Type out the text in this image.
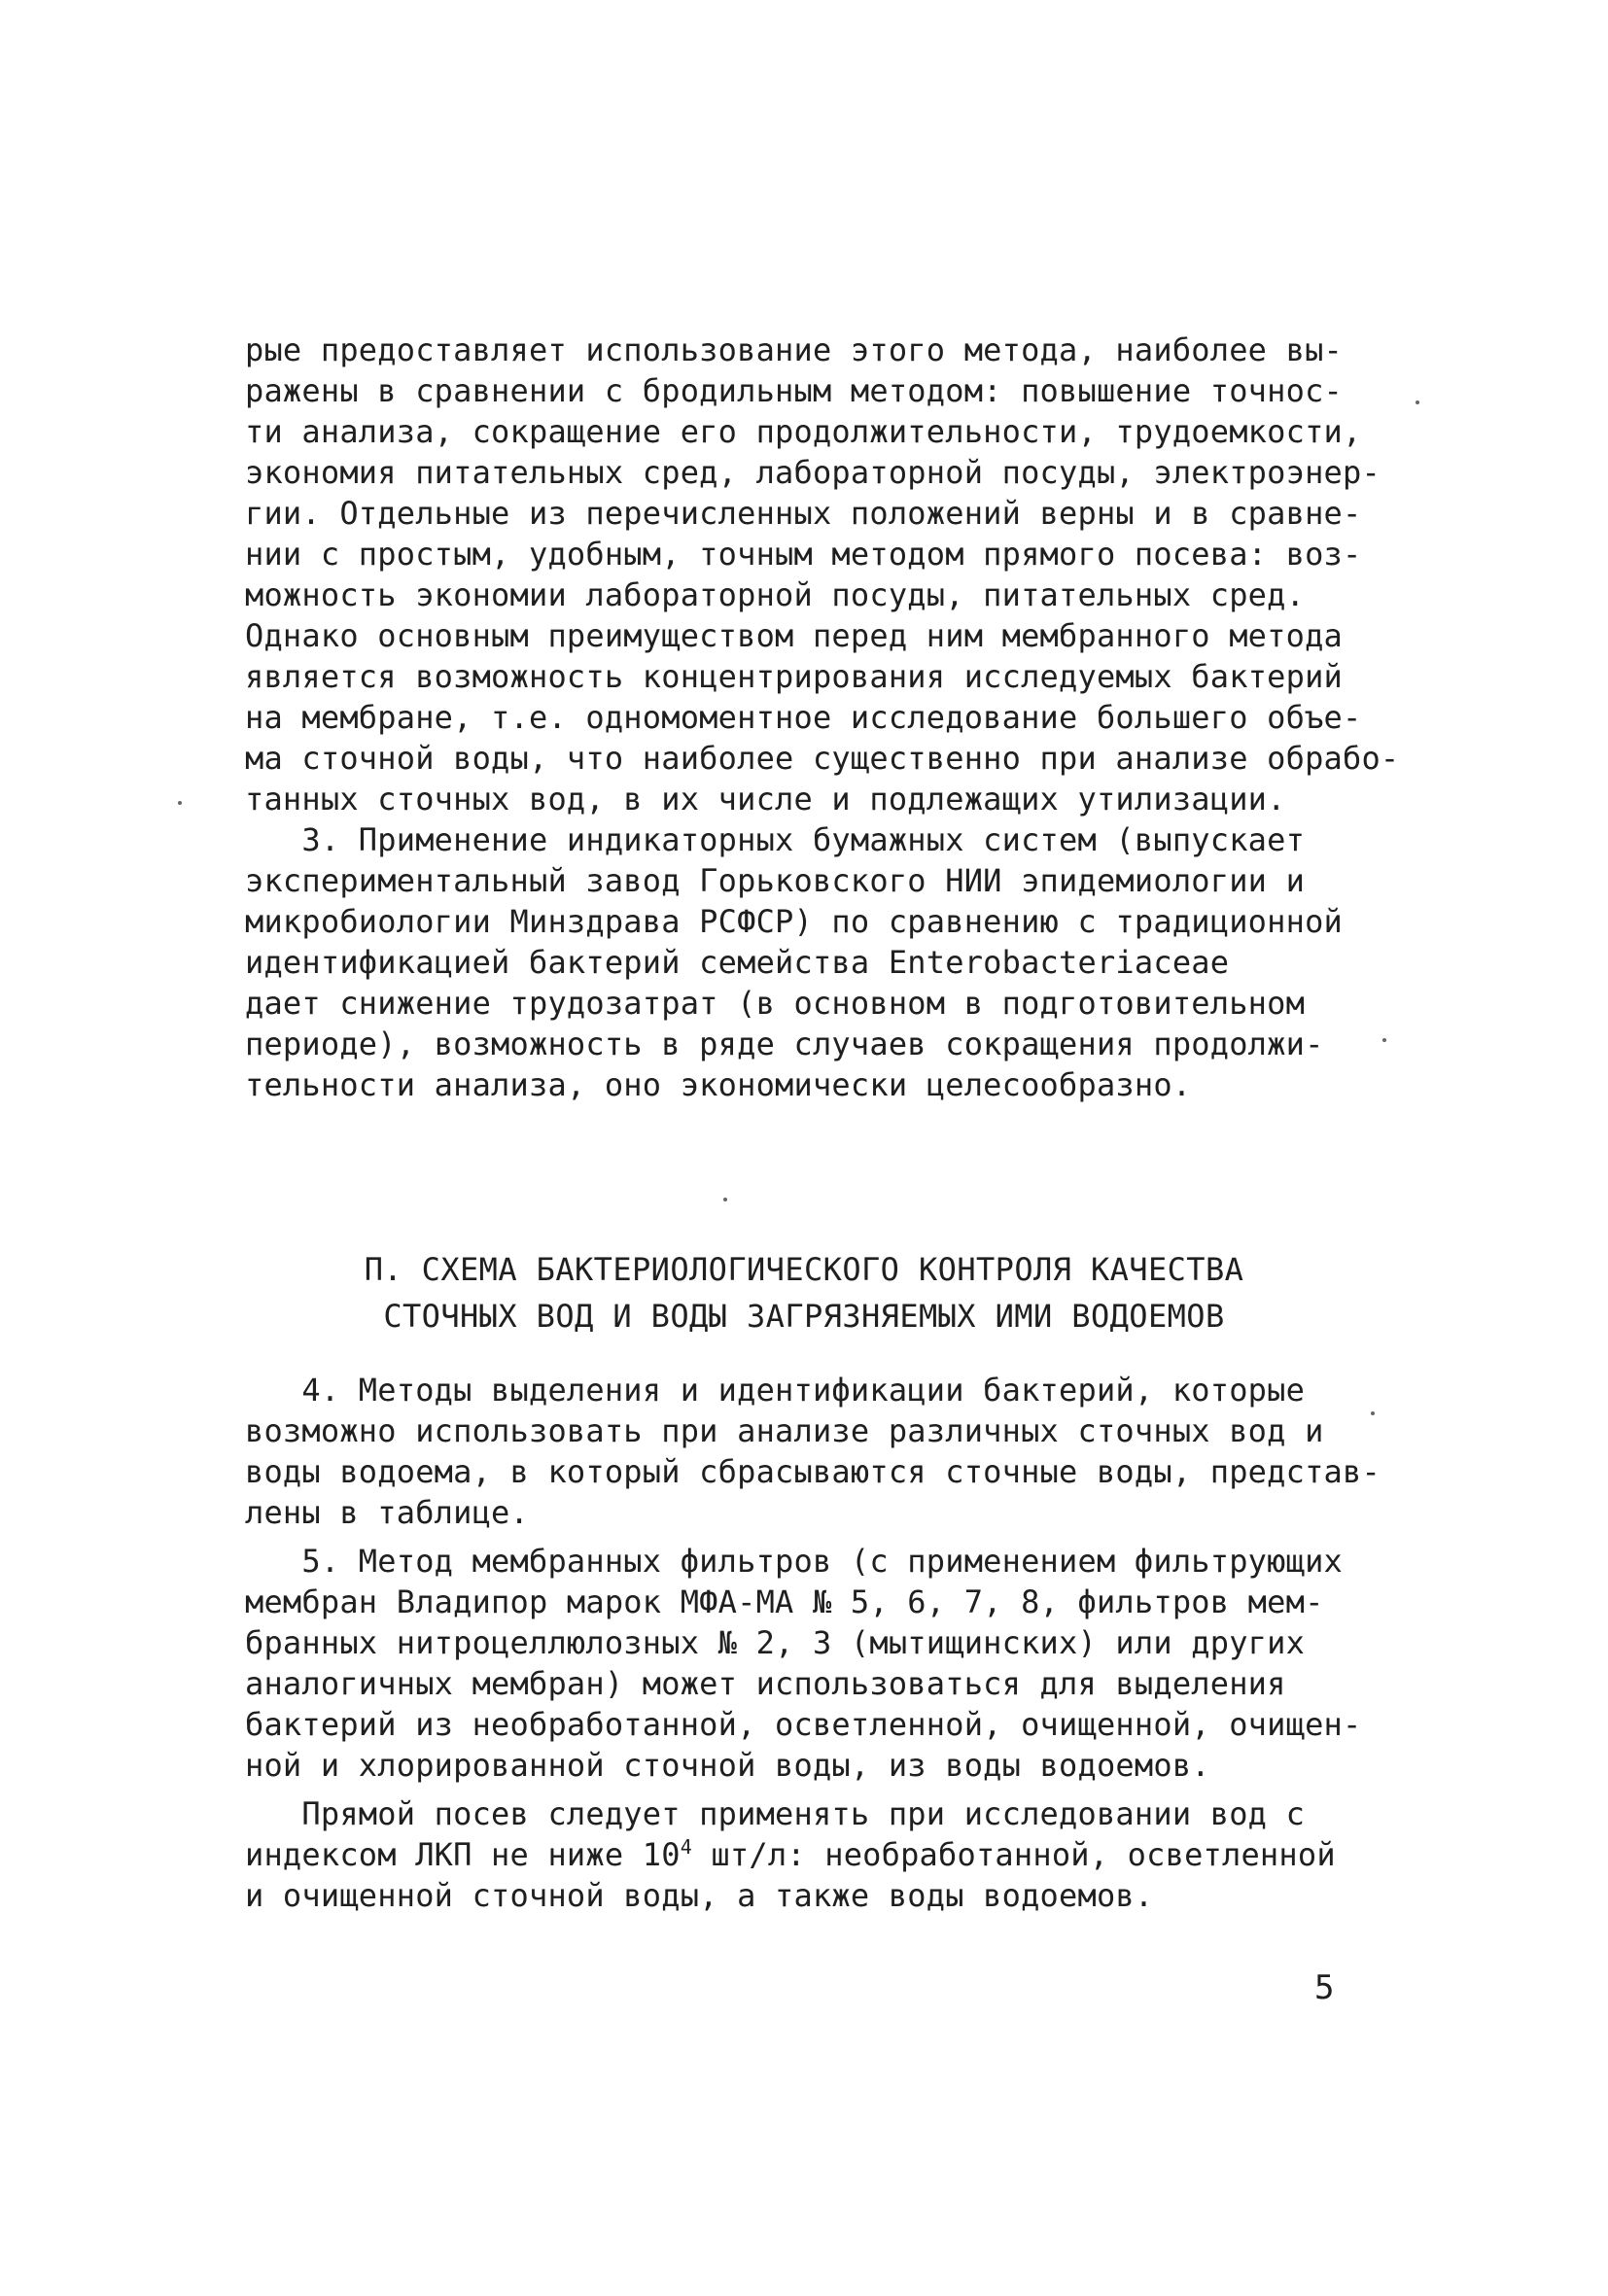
рые предоставляет использование этого метода, наиболее вы-
ражены в сравнении с бродильным методом: повышение точнос-
ти анализа, сокращение его продолжительности, трудоемкости,
экономия питательных сред, лабораторной посуды, электроэнер-
гии. Отдельные из перечисленных положений верны и в сравне-
нии с простым, удобным, точным методом прямого посева: воз-
можность экономии лабораторной посуды, питательных сред.
Однако основным преимуществом перед ним мембранного метода
является возможность концентрирования исследуемых бактерий
на мембране, т.е. одномоментное исследование большего объе-
ма сточной воды, что наиболее существенно при анализе обрабо-
танных сточных вод, в их числе и подлежащих утилизации.
3. Применение индикаторных бумажных систем (выпускает
экспериментальный завод Горьковского НИИ эпидемиологии и
микробиологии Минздрава РСФСР) по сравнению с традиционной
идентификацией бактерий семейства Enterobacteriaceae
дает снижение трудозатрат (в основном в подготовительном
периоде), возможность в ряде случаев сокращения продолжи-
тельности анализа, оно экономически целесообразно.
П. СХЕМА БАКТЕРИОЛОГИЧЕСКОГО КОНТРОЛЯ КАЧЕСТВА
СТОЧНЫХ ВОД И ВОДЫ ЗАГРЯЗНЯЕМЫХ ИМИ ВОДОЕМОВ
4. Методы выделения и идентификации бактерий, которые
возможно использовать при анализе различных сточных вод и
воды водоема, в который сбрасываются сточные воды, представ-
лены в таблице.
5. Метод мембранных фильтров (с применением фильтрующих
мембран Владипор марок МФА-МА № 5, 6, 7, 8, фильтров мем-
бранных нитроцеллюлозных № 2, 3 (мытищинских) или других
аналогичных мембран) может использоваться для выделения
бактерий из необработанной, осветленной, очищенной, очищен-
ной и хлорированной сточной воды, из воды водоемов.
Прямой посев следует применять при исследовании вод с
индексом ЛКП не ниже $10^4$ шт/л: необработанной, осветленной
и очищенной сточной воды, а также воды водоемов.
5
